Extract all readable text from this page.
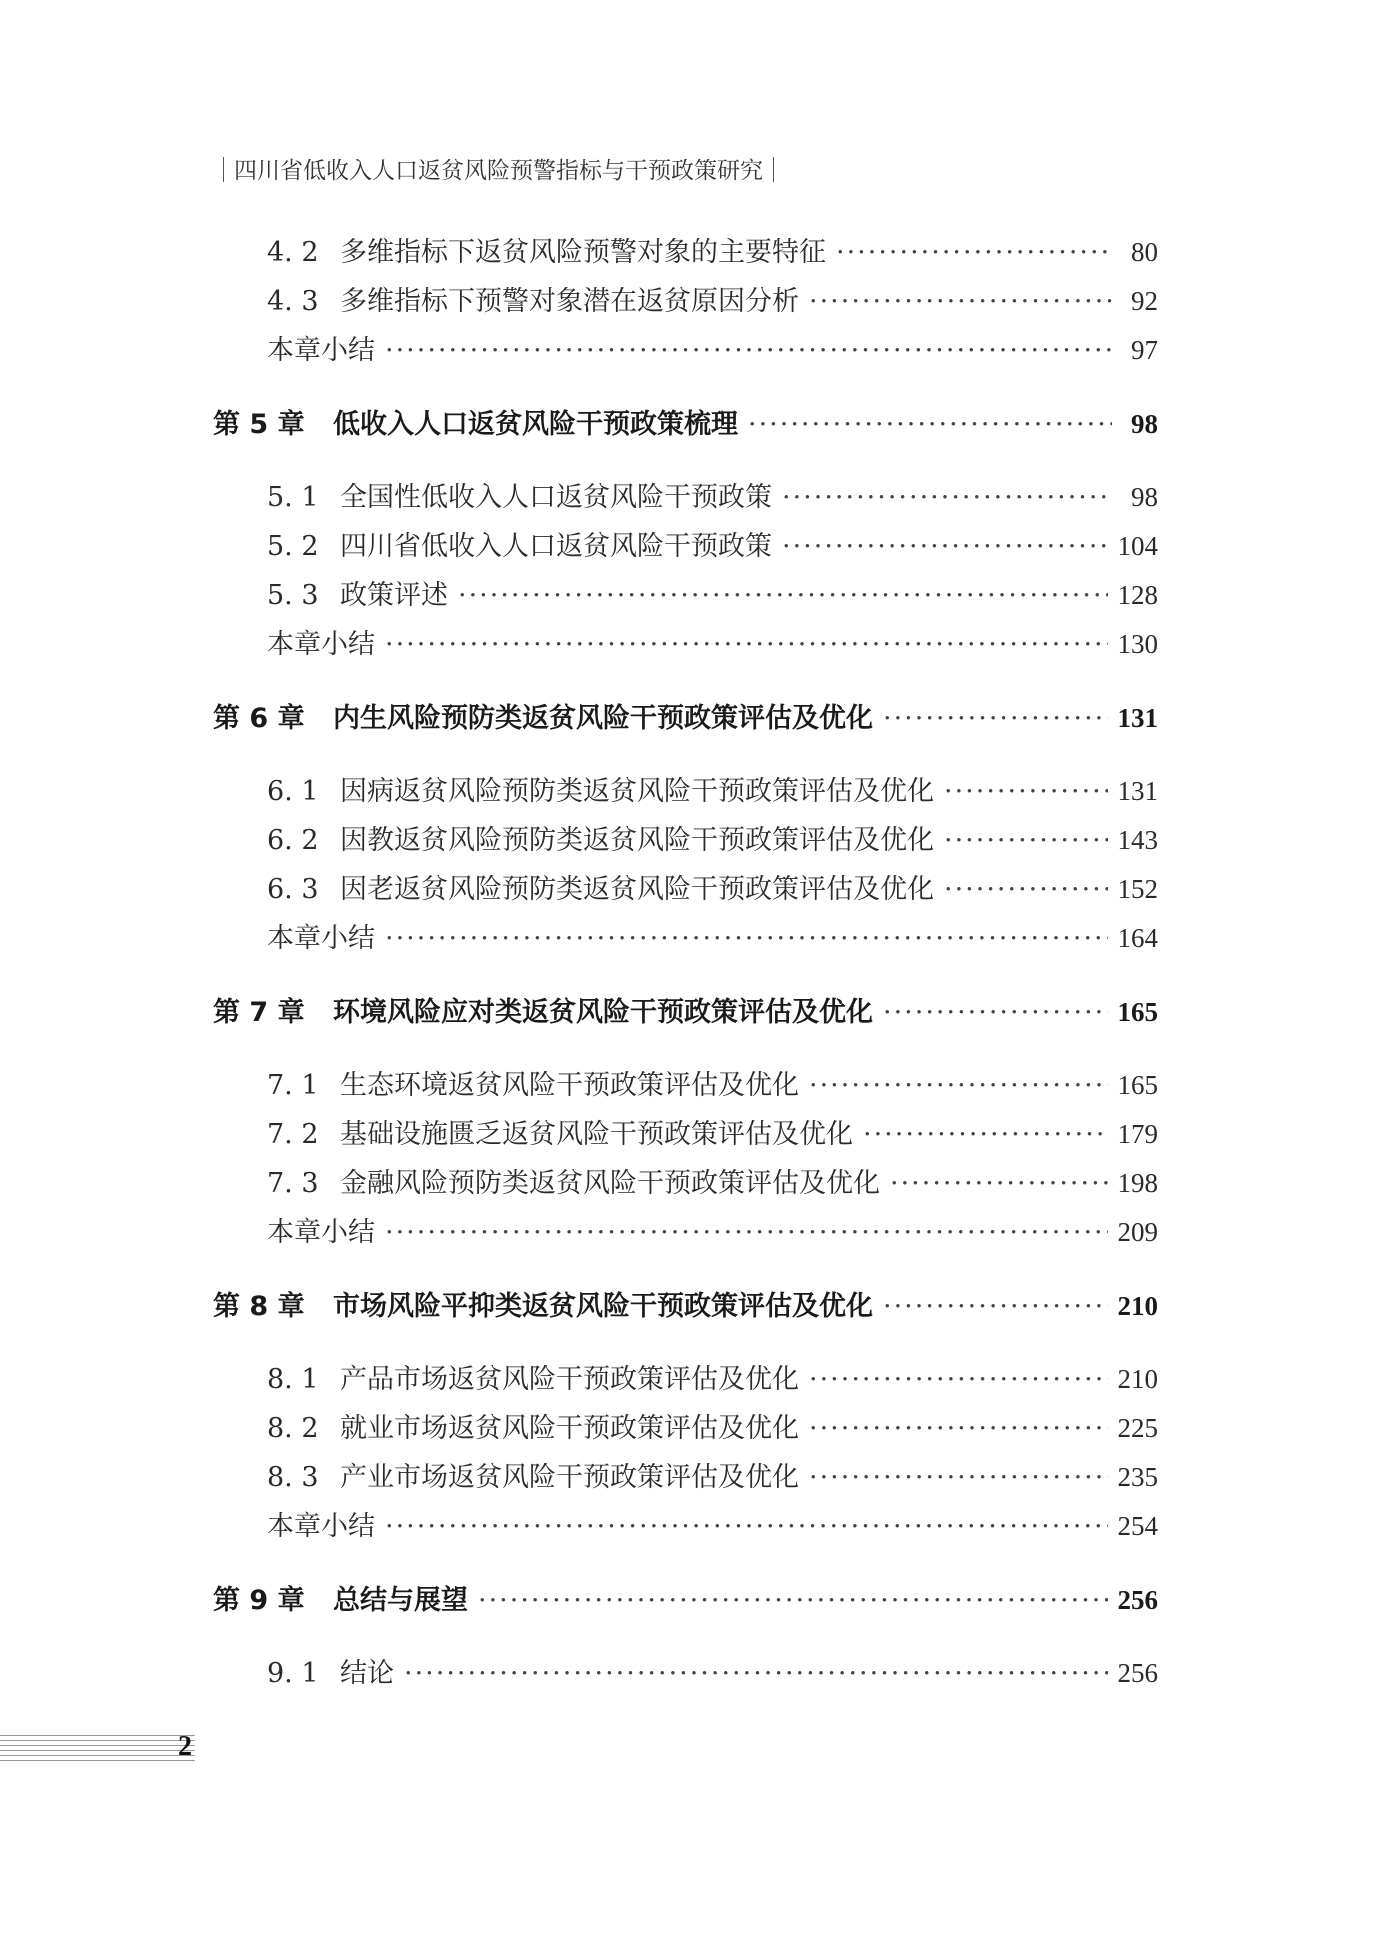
四川省低收入人口返贫风险预警指标与干预政策研究
4. 2 多维指标下返贫风险预警对象的主要特征 ·····	80
4. 3 多维指标下预警对象潜在返贫原因分析 ·····	92
本章小结 ·····	97
第 5 章	低收入人口返贫风险干预政策梳理 ·····	98
5. 1 全国性低收入人口返贫风险干预政策 ·····	98
5. 2 四川省低收入人口返贫风险干预政策 ·····	104
5. 3 政策评述 ·····	128
本章小结 ·····	130
第 6 章	内生风险预防类返贫风险干预政策评估及优化 ·····	131
6. 1 因病返贫风险预防类返贫风险干预政策评估及优化 ·····	131
6. 2 因教返贫风险预防类返贫风险干预政策评估及优化 ·····	143
6. 3 因老返贫风险预防类返贫风险干预政策评估及优化 ·····	152
本章小结 ·····	164
第 7 章	环境风险应对类返贫风险干预政策评估及优化 ·····	165
7. 1 生态环境返贫风险干预政策评估及优化 ·····	165
7. 2 基础设施匮乏返贫风险干预政策评估及优化 ·····	179
7. 3 金融风险预防类返贫风险干预政策评估及优化 ·····	198
本章小结 ·····	209
第 8 章	市场风险平抑类返贫风险干预政策评估及优化 ·····	210
8. 1 产品市场返贫风险干预政策评估及优化 ·····	210
8. 2 就业市场返贫风险干预政策评估及优化 ·····	225
8. 3 产业市场返贫风险干预政策评估及优化 ·····	235
本章小结 ·····	254
第 9 章	总结与展望 ·····	256
9. 1 结论 ·····	256
2
